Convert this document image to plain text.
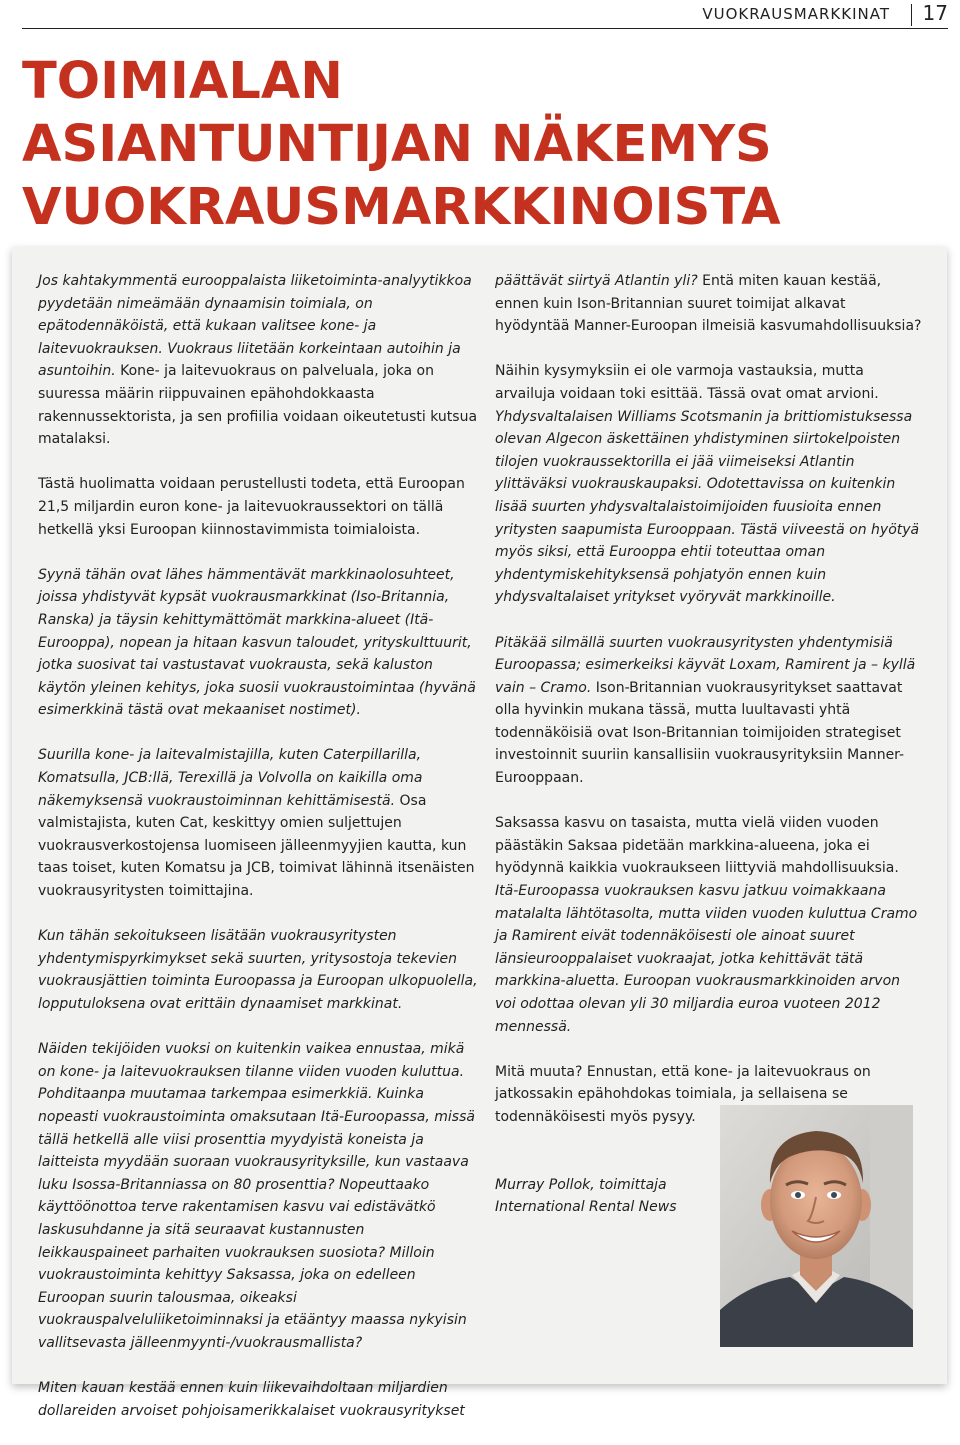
VUOKRAUSMARKKINAT 17
TOIMIALAN
ASIANTUNTIJAN NÄKEMYS
VUOKRAUSMARKKINOISTA

Jos kahtakymmentä eurooppalaista liiketoiminta-analyytikkoa pyydetään nimeämään dynaamisin toimiala, on epätodennäköistä, että kukaan valitsee kone- ja laitevuokrauksen. Vuokraus liitetään korkeintaan autoihin ja asuntoihin. Kone- ja laitevuokraus on palveluala, joka on suuressa määrin riippuvainen epähohdokkaasta rakennussektorista, ja sen profiilia voidaan oikeutetusti kutsua matalaksi.

Tästä huolimatta voidaan perustellusti todeta, että Euroopan 21,5 miljardin euron kone- ja laitevuokraussektori on tällä hetkellä yksi Euroopan kiinnostavimmista toimialoista.

Syynä tähän ovat lähes hämmentävät markkinaolosuhteet, joissa yhdistyvät kypsät vuokrausmarkkinat (Iso-Britannia, Ranska) ja täysin kehittymättömät markkina-alueet (Itä-Eurooppa), nopean ja hitaan kasvun taloudet, yrityskulttuurit, jotka suosivat tai vastustavat vuokrausta, sekä kaluston käytön yleinen kehitys, joka suosii vuokraustoimintaa (hyvänä esimerkkinä tästä ovat mekaaniset nostimet).

Suurilla kone- ja laitevalmistajilla, kuten Caterpillarilla, Komatsulla, JCB:llä, Terexillä ja Volvolla on kaikilla oma näkemyksensä vuokraustoiminnan kehittämisestä. Osa valmistajista, kuten Cat, keskittyy omien suljettujen vuokrausverkostojensa luomiseen jälleenmyyjien kautta, kun taas toiset, kuten Komatsu ja JCB, toimivat lähinnä itsenäisten vuokrausyritysten toimittajina.

Kun tähän sekoitukseen lisätään vuokrausyritysten yhdentymispyrkimykset sekä suurten, yritysostoja tekevien vuokrausjättien toiminta Euroopassa ja Euroopan ulkopuolella, lopputuloksena ovat erittäin dynaamiset markkinat.

Näiden tekijöiden vuoksi on kuitenkin vaikea ennustaa, mikä on kone- ja laitevuokrauksen tilanne viiden vuoden kuluttua. Pohditaanpa muutamaa tarkempaa esimerkkiä. Kuinka nopeasti vuokraustoiminta omaksutaan Itä-Euroopassa, missä tällä hetkellä alle viisi prosenttia myydyistä koneista ja laitteista myydään suoraan vuokrausyrityksille, kun vastaava luku Isossa-Britanniassa on 80 prosenttia? Nopeuttaako käyttöönottoa terve rakentamisen kasvu vai edistävätkö laskusuhdanne ja sitä seuraavat kustannusten leikkauspaineet parhaiten vuokrauksen suosiota? Milloin vuokraustoiminta kehittyy Saksassa, joka on edelleen Euroopan suurin talousmaa, oikeaksi vuokrauspalveluliiketoiminnaksi ja etääntyy maassa nykyisin vallitsevasta jälleenmyynti-/vuokrausmallista?

Miten kauan kestää ennen kuin liikevaihdoltaan miljardien dollareiden arvoiset pohjoisamerikkalaiset vuokrausyritykset

päättävät siirtyä Atlantin yli? Entä miten kauan kestää, ennen kuin Ison-Britannian suuret toimijat alkavat hyödyntää Manner-Euroopan ilmeisiä kasvumahdollisuuksia?

Näihin kysymyksiin ei ole varmoja vastauksia, mutta arvailuja voidaan toki esittää. Tässä ovat omat arvioni. Yhdysvaltalaisen Williams Scotsmanin ja brittiomistuksessa olevan Algecon äskettäinen yhdistyminen siirtokelpoisten tilojen vuokraussektorilla ei jää viimeiseksi Atlantin ylittäväksi vuokrauskaupaksi. Odotettavissa on kuitenkin lisää suurten yhdysvaltalaistoimijoiden fuusioita ennen yritysten saapumista Eurooppaan. Tästä viiveestä on hyötyä myös siksi, että Eurooppa ehtii toteuttaa oman yhdentymiskehityksensä pohjatyön ennen kuin yhdysvaltalaiset yritykset vyöryvät markkinoille.

Pitäkää silmällä suurten vuokrausyritysten yhdentymisiä Euroopassa; esimerkeiksi käyvät Loxam, Ramirent ja – kyllä vain – Cramo. Ison-Britannian vuokrausyritykset saattavat olla hyvinkin mukana tässä, mutta luultavasti yhtä todennäköisiä ovat Ison-Britannian toimijoiden strategiset investoinnit suuriin kansallisiin vuokrausyrityksiin Manner-Eurooppaan.

Saksassa kasvu on tasaista, mutta vielä viiden vuoden päästäkin Saksaa pidetään markkina-alueena, joka ei hyödynnä kaikkia vuokraukseen liittyviä mahdollisuuksia. Itä-Euroopassa vuokrauksen kasvu jatkuu voimakkaana matalalta lähtötasolta, mutta viiden vuoden kuluttua Cramo ja Ramirent eivät todennäköisesti ole ainoat suuret länsieurooppalaiset vuokraajat, jotka kehittävät tätä markkina-aluetta. Euroopan vuokrausmarkkinoiden arvon voi odottaa olevan yli 30 miljardia euroa vuoteen 2012 mennessä.

Mitä muuta? Ennustan, että kone- ja laitevuokraus on jatkossakin epähohdokas toimiala, ja sellaisena se todennäköisesti myös pysyy.

Murray Pollok, toimittaja
International Rental News
